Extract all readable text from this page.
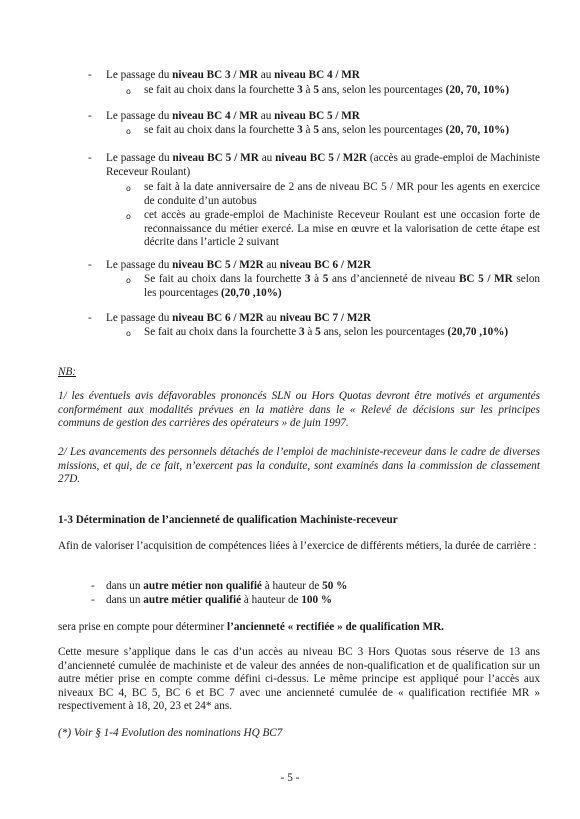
- Le passage du niveau BC 3 / MR au niveau BC 4 / MR
o	se fait au choix dans la fourchette 3 à 5 ans, selon les pourcentages (20, 70, 10%)
- Le passage du niveau BC 4 / MR au niveau BC 5 / MR
o	se fait au choix dans la fourchette 3 à 5 ans, selon les pourcentages (20, 70, 10%)
- Le passage du niveau BC 5 / MR au niveau BC 5 / M2R (accès au grade-emploi de Machiniste Receveur Roulant)
o	se fait à la date anniversaire de 2 ans de niveau BC 5 / MR pour les agents en exercice de conduite d’un autobus
o	cet accès au grade-emploi de Machiniste Receveur Roulant est une occasion forte de reconnaissance du métier exercé. La mise en œuvre et la valorisation de cette étape est décrite dans l’article 2 suivant
- Le passage du niveau BC 5 / M2R au niveau BC 6 / M2R
o	Se fait au choix dans la fourchette 3 à 5 ans d’ancienneté de niveau BC 5 / MR selon les pourcentages (20,70 ,10%)
- Le passage du niveau BC 6 / M2R au niveau BC 7 / M2R
o	Se fait au choix dans la fourchette 3 à 5 ans, selon les pourcentages (20,70 ,10%)
NB:
1/ les éventuels avis défavorables prononcés SLN ou Hors Quotas devront être motivés et argumentés conformément aux modalités prévues en la matière dans le « Relevé de décisions sur les principes communs de gestion des carrières des opérateurs » de juin 1997.
2/ Les avancements des personnels détachés de l’emploi de machiniste-receveur dans le cadre de diverses missions, et qui, de ce fait, n’exercent pas la conduite, sont examinés dans la commission de classement 27D.
1-3 Détermination de l’ancienneté de qualification Machiniste-receveur
Afin de valoriser l’acquisition de compétences liées à l’exercice de différents métiers, la durée de carrière :
- dans un autre métier non qualifié à hauteur de 50 %
- dans un autre métier qualifié à hauteur de 100 %
sera prise en compte pour déterminer l’ancienneté « rectifiée » de qualification MR.
Cette mesure s’applique dans le cas d’un accès au niveau BC 3 Hors Quotas sous réserve de 13 ans d’ancienneté cumulée de machiniste et de valeur des années de non-qualification et de qualification sur un autre métier prise en compte comme défini ci-dessus. Le même principe est appliqué pour l’accès aux niveaux BC 4, BC 5, BC 6 et BC 7 avec une ancienneté cumulée de « qualification rectifiée MR » respectivement à 18, 20, 23 et 24* ans.
(*) Voir § 1-4 Evolution des nominations HQ BC7
- 5 -
